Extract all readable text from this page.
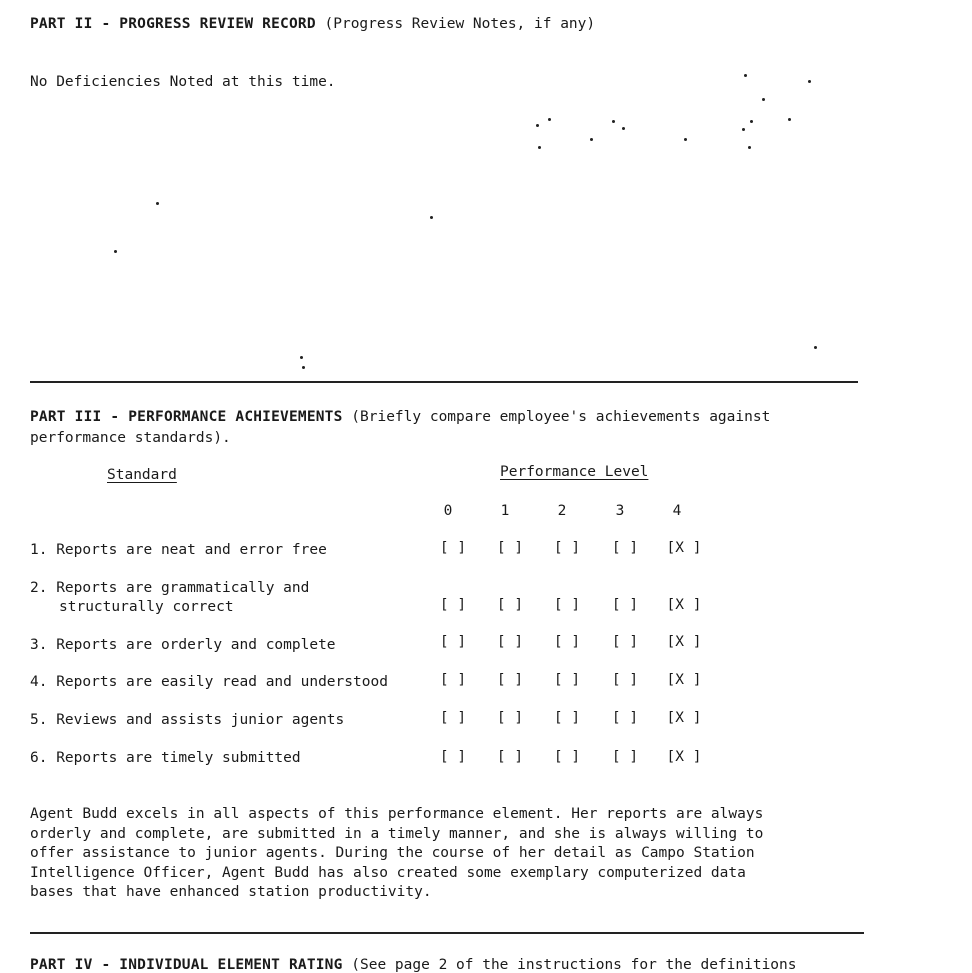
PART II - PROGRESS REVIEW RECORD (Progress Review Notes, if any)
No Deficiencies Noted at this time.
PART III - PERFORMANCE ACHIEVEMENTS (Briefly compare employee's achievements against
performance standards).
Standard	Performance Level
0	1	2	3	4
1. Reports are neat and error free	[ ]	[ ]	[ ]	[ ]	[X ]
2. Reports are grammatically and
structurally correct	[ ]	[ ]	[ ]	[ ]	[X ]
3. Reports are orderly and complete	[ ]	[ ]	[ ]	[ ]	[X ]
4. Reports are easily read and understood	[ ]	[ ]	[ ]	[ ]	[X ]
5. Reviews and assists junior agents	[ ]	[ ]	[ ]	[ ]	[X ]
6. Reports are timely submitted	[ ]	[ ]	[ ]	[ ]	[X ]
Agent Budd excels in all aspects of this performance element. Her reports are always
orderly and complete, are submitted in a timely manner, and she is always willing to
offer assistance to junior agents. During the course of her detail as Campo Station
Intelligence Officer, Agent Budd has also created some exemplary computerized data
bases that have enhanced station productivity.
PART IV - INDIVIDUAL ELEMENT RATING (See page 2 of the instructions for the definitions
